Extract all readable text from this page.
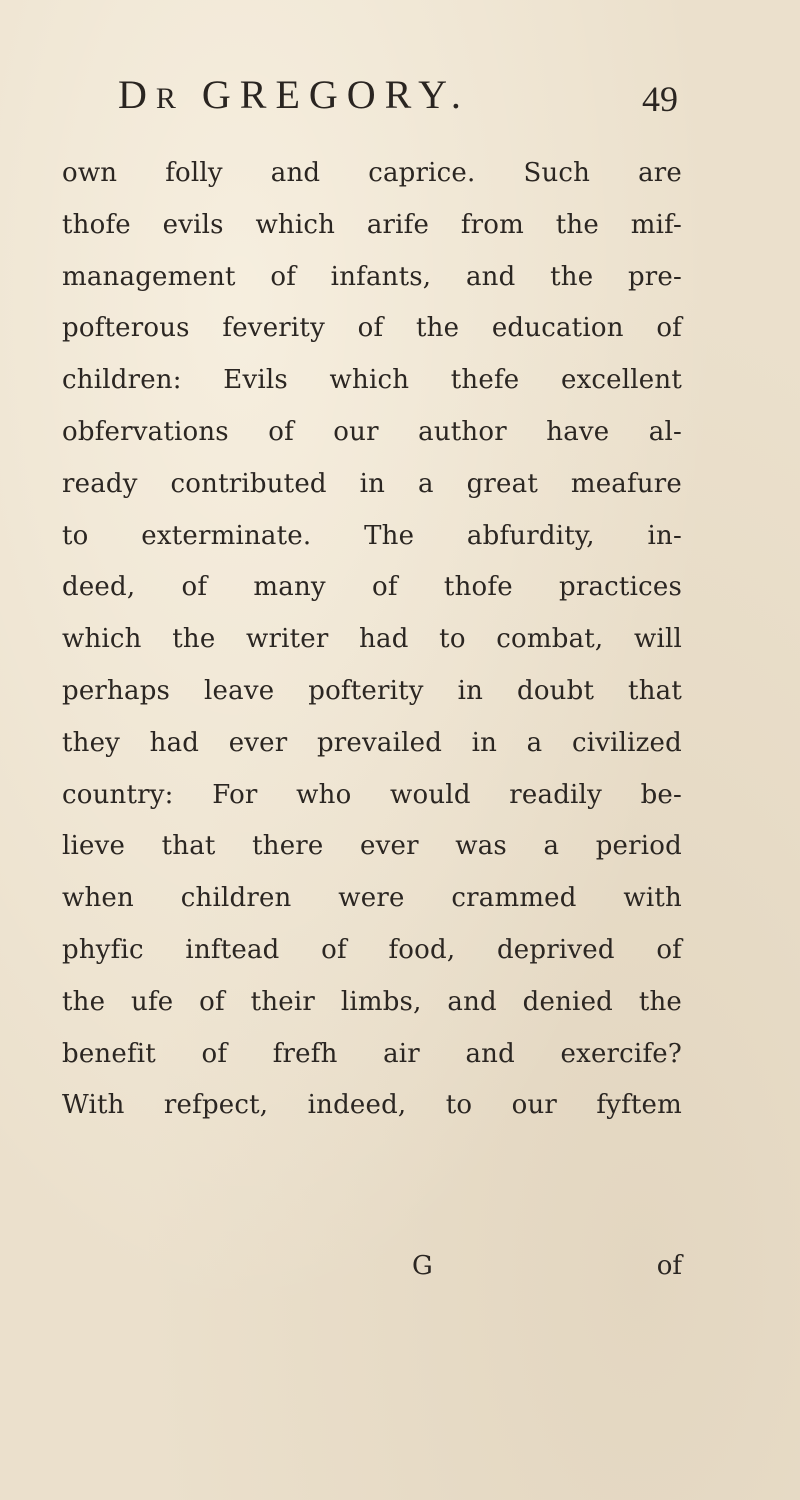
DR GREGORY.	49
own folly and caprice. Such are
thofe evils which arife from the mif-
management of infants, and the pre-
pofterous feverity of the education of
children: Evils which thefe excellent
obfervations of our author have al-
ready contributed in a great meafure
to exterminate. The abfurdity, in-
deed, of many of thofe practices
which the writer had to combat, will
perhaps leave pofterity in doubt that
they had ever prevailed in a civilized
country: For who would readily be-
lieve that there ever was a period
when children were crammed with
phyfic inftead of food, deprived of
the ufe of their limbs, and denied the
benefit of frefh air and exercife?
With refpect, indeed, to our fyftem
G	of
